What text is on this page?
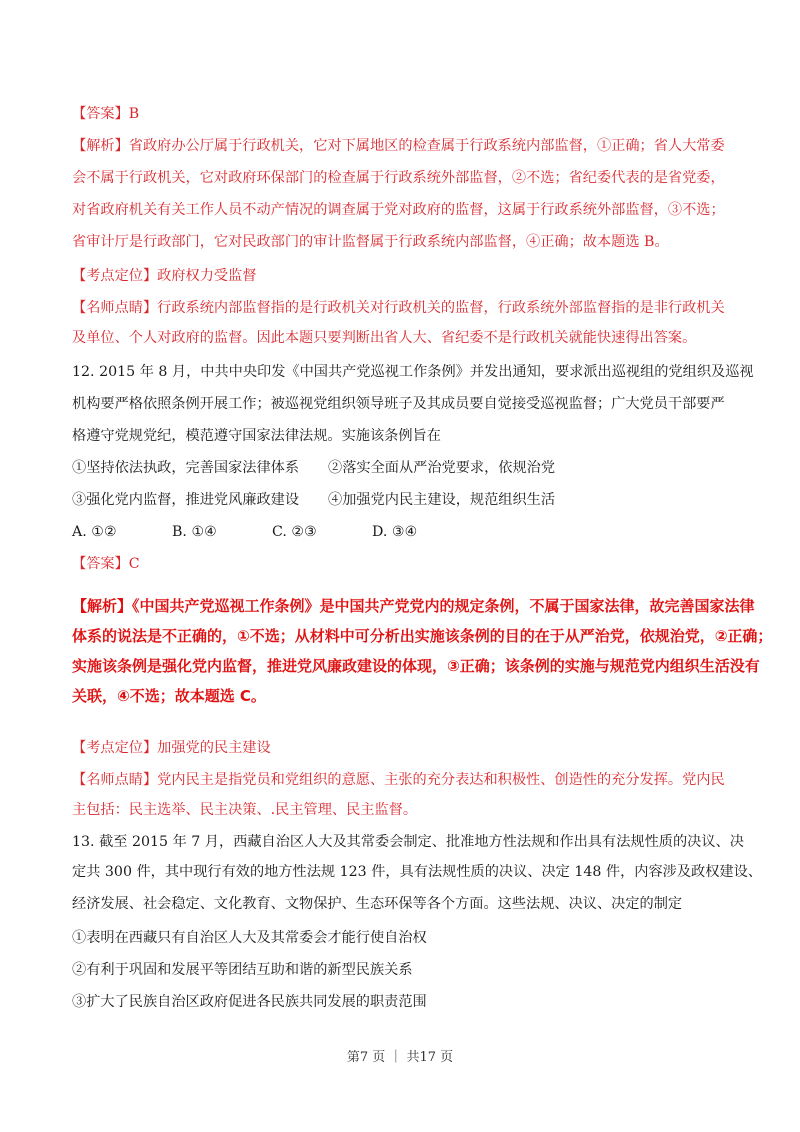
【答案】B
【解析】省政府办公厅属于行政机关，它对下属地区的检查属于行政系统内部监督，①正确；省人大常委
会不属于行政机关，它对政府环保部门的检查属于行政系统外部监督，②不选；省纪委代表的是省党委，
对省政府机关有关工作人员不动产情况的调查属于党对政府的监督，这属于行政系统外部监督，③不选；
省审计厅是行政部门，它对民政部门的审计监督属于行政系统内部监督，④正确；故本题选 B。
【考点定位】政府权力受监督
【名师点睛】行政系统内部监督指的是行政机关对行政机关的监督，行政系统外部监督指的是非行政机关
及单位、个人对政府的监督。因此本题只要判断出省人大、省纪委不是行政机关就能快速得出答案。
12. 2015 年 8 月，中共中央印发《中国共产党巡视工作条例》并发出通知，要求派出巡视组的党组织及巡视
机构要严格依照条例开展工作；被巡视党组织领导班子及其成员要自觉接受巡视监督；广大党员干部要严
格遵守党规党纪，模范遵守国家法律法规。实施该条例旨在
①坚持依法执政，完善国家法律体系 ②落实全面从严治党要求，依规治党
③强化党内监督，推进党风廉政建设 ④加强党内民主建设，规范组织生活
A. ①②	B. ①④	C. ②③	D. ③④
【答案】C
【解析】《中国共产党巡视工作条例》是中国共产党党内的规定条例，不属于国家法律，故完善国家法律
体系的说法是不正确的，①不选；从材料中可分析出实施该条例的目的在于从严治党，依规治党，②正确；
实施该条例是强化党内监督，推进党风廉政建设的体现，③正确；该条例的实施与规范党内组织生活没有
关联，④不选；故本题选 C。
【考点定位】加强党的民主建设
【名师点睛】党内民主是指党员和党组织的意愿、主张的充分表达和积极性、创造性的充分发挥。党内民
主包括：民主选举、民主决策、.民主管理、民主监督。
13. 截至 2015 年 7 月，西藏自治区人大及其常委会制定、批准地方性法规和作出具有法规性质的决议、决
定共 300 件，其中现行有效的地方性法规 123 件，具有法规性质的决议、决定 148 件，内容涉及政权建设、
经济发展、社会稳定、文化教育、文物保护、生态环保等各个方面。这些法规、决议、决定的制定
①表明在西藏只有自治区人大及其常委会才能行使自治权
②有利于巩固和发展平等团结互助和谐的新型民族关系
③扩大了民族自治区政府促进各民族共同发展的职责范围
第7 页 ｜ 共17 页
